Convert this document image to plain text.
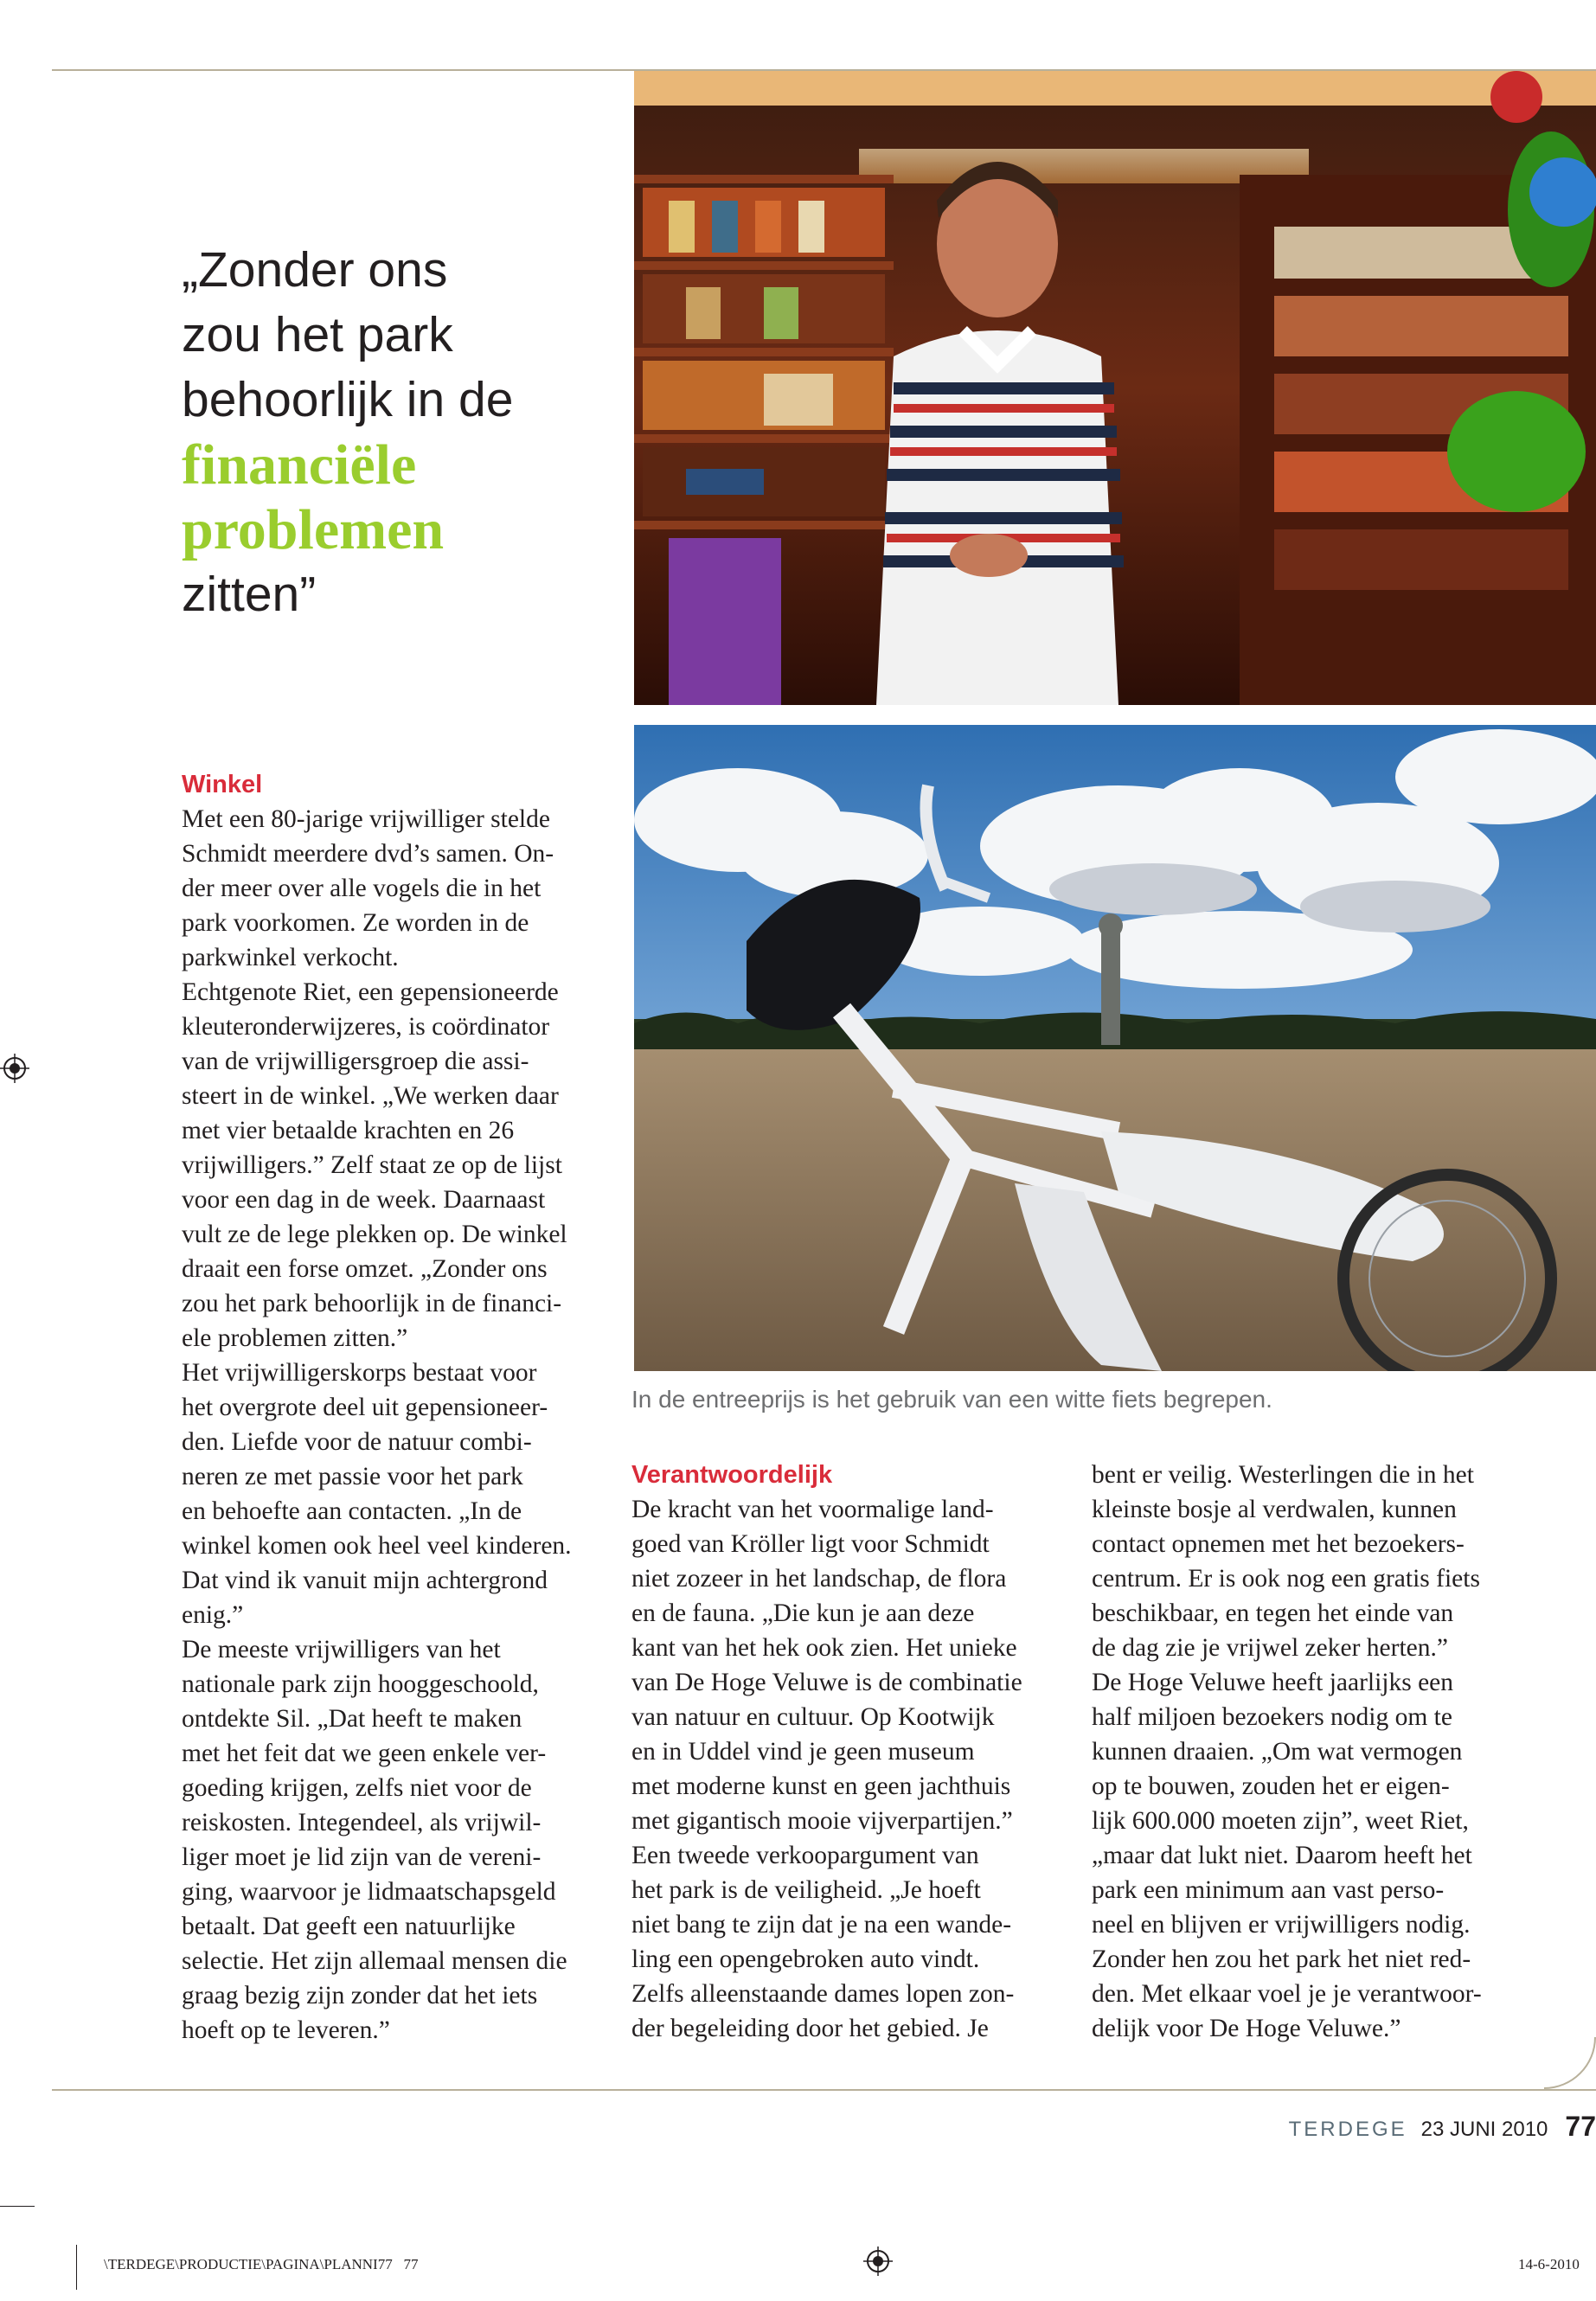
„Zonder ons
zou het park
behoorlijk in de
financiële
problemen
zitten”
In de entreeprijs is het gebruik van een witte fiets begrepen.
Winkel

Met een 80-jarige vrijwilliger stelde

Schmidt meerdere dvd’s samen. On-

der meer over alle vogels die in het

park voorkomen. Ze worden in de

parkwinkel verkocht.

Echtgenote Riet, een gepensioneerde

kleuteronderwijzeres, is coördinator

van de vrijwilligersgroep die assi-

steert in de winkel. „We werken daar

met vier betaalde krachten en 26

vrijwilligers.” Zelf staat ze op de lijst

voor een dag in de week. Daarnaast

vult ze de lege plekken op. De winkel

draait een forse omzet. „Zonder ons

zou het park behoorlijk in de financi-

ele problemen zitten.”

Het vrijwilligerskorps bestaat voor

het overgrote deel uit gepensioneer-

den. Liefde voor de natuur combi-

neren ze met passie voor het park

en behoefte aan contacten. „In de

winkel komen ook heel veel kinderen.

Dat vind ik vanuit mijn achtergrond

enig.”

De meeste vrijwilligers van het

nationale park zijn hooggeschoold,

ontdekte Sil. „Dat heeft te maken

met het feit dat we geen enkele ver-

goeding krijgen, zelfs niet voor de

reiskosten. Integendeel, als vrijwil-

liger moet je lid zijn van de vereni-

ging, waarvoor je lidmaatschapsgeld

betaalt. Dat geeft een natuurlijke

selectie. Het zijn allemaal mensen die

graag bezig zijn zonder dat het iets

hoeft op te leveren.”

Verantwoordelijk

De kracht van het voormalige land-

goed van Kröller ligt voor Schmidt

niet zozeer in het landschap, de flora

en de fauna. „Die kun je aan deze

kant van het hek ook zien. Het unieke

van De Hoge Veluwe is de combinatie

van natuur en cultuur. Op Kootwijk

en in Uddel vind je geen museum

met moderne kunst en geen jachthuis

met gigantisch mooie vijverpartijen.”

Een tweede verkoopargument van

het park is de veiligheid. „Je hoeft

niet bang te zijn dat je na een wande-

ling een opengebroken auto vindt.

Zelfs alleenstaande dames lopen zon-

der begeleiding door het gebied. Je

bent er veilig. Westerlingen die in het

kleinste bosje al verdwalen, kunnen

contact opnemen met het bezoekers-

centrum. Er is ook nog een gratis fiets

beschikbaar, en tegen het einde van

de dag zie je vrijwel zeker herten.”

De Hoge Veluwe heeft jaarlijks een

half miljoen bezoekers nodig om te

kunnen draaien. „Om wat vermogen

op te bouwen, zouden het er eigen-

lijk 600.000 moeten zijn”, weet Riet,

„maar dat lukt niet. Daarom heeft het

park een minimum aan vast perso-

neel en blijven er vrijwilligers nodig.

Zonder hen zou het park het niet red-

den. Met elkaar voel je je verantwoor-

delijk voor De Hoge Veluwe.”

TERDEGE 23 JUNI 2010 77
\TERDEGE\PRODUCTIE\PAGINA\PLANNI77 77	14-6-2010
